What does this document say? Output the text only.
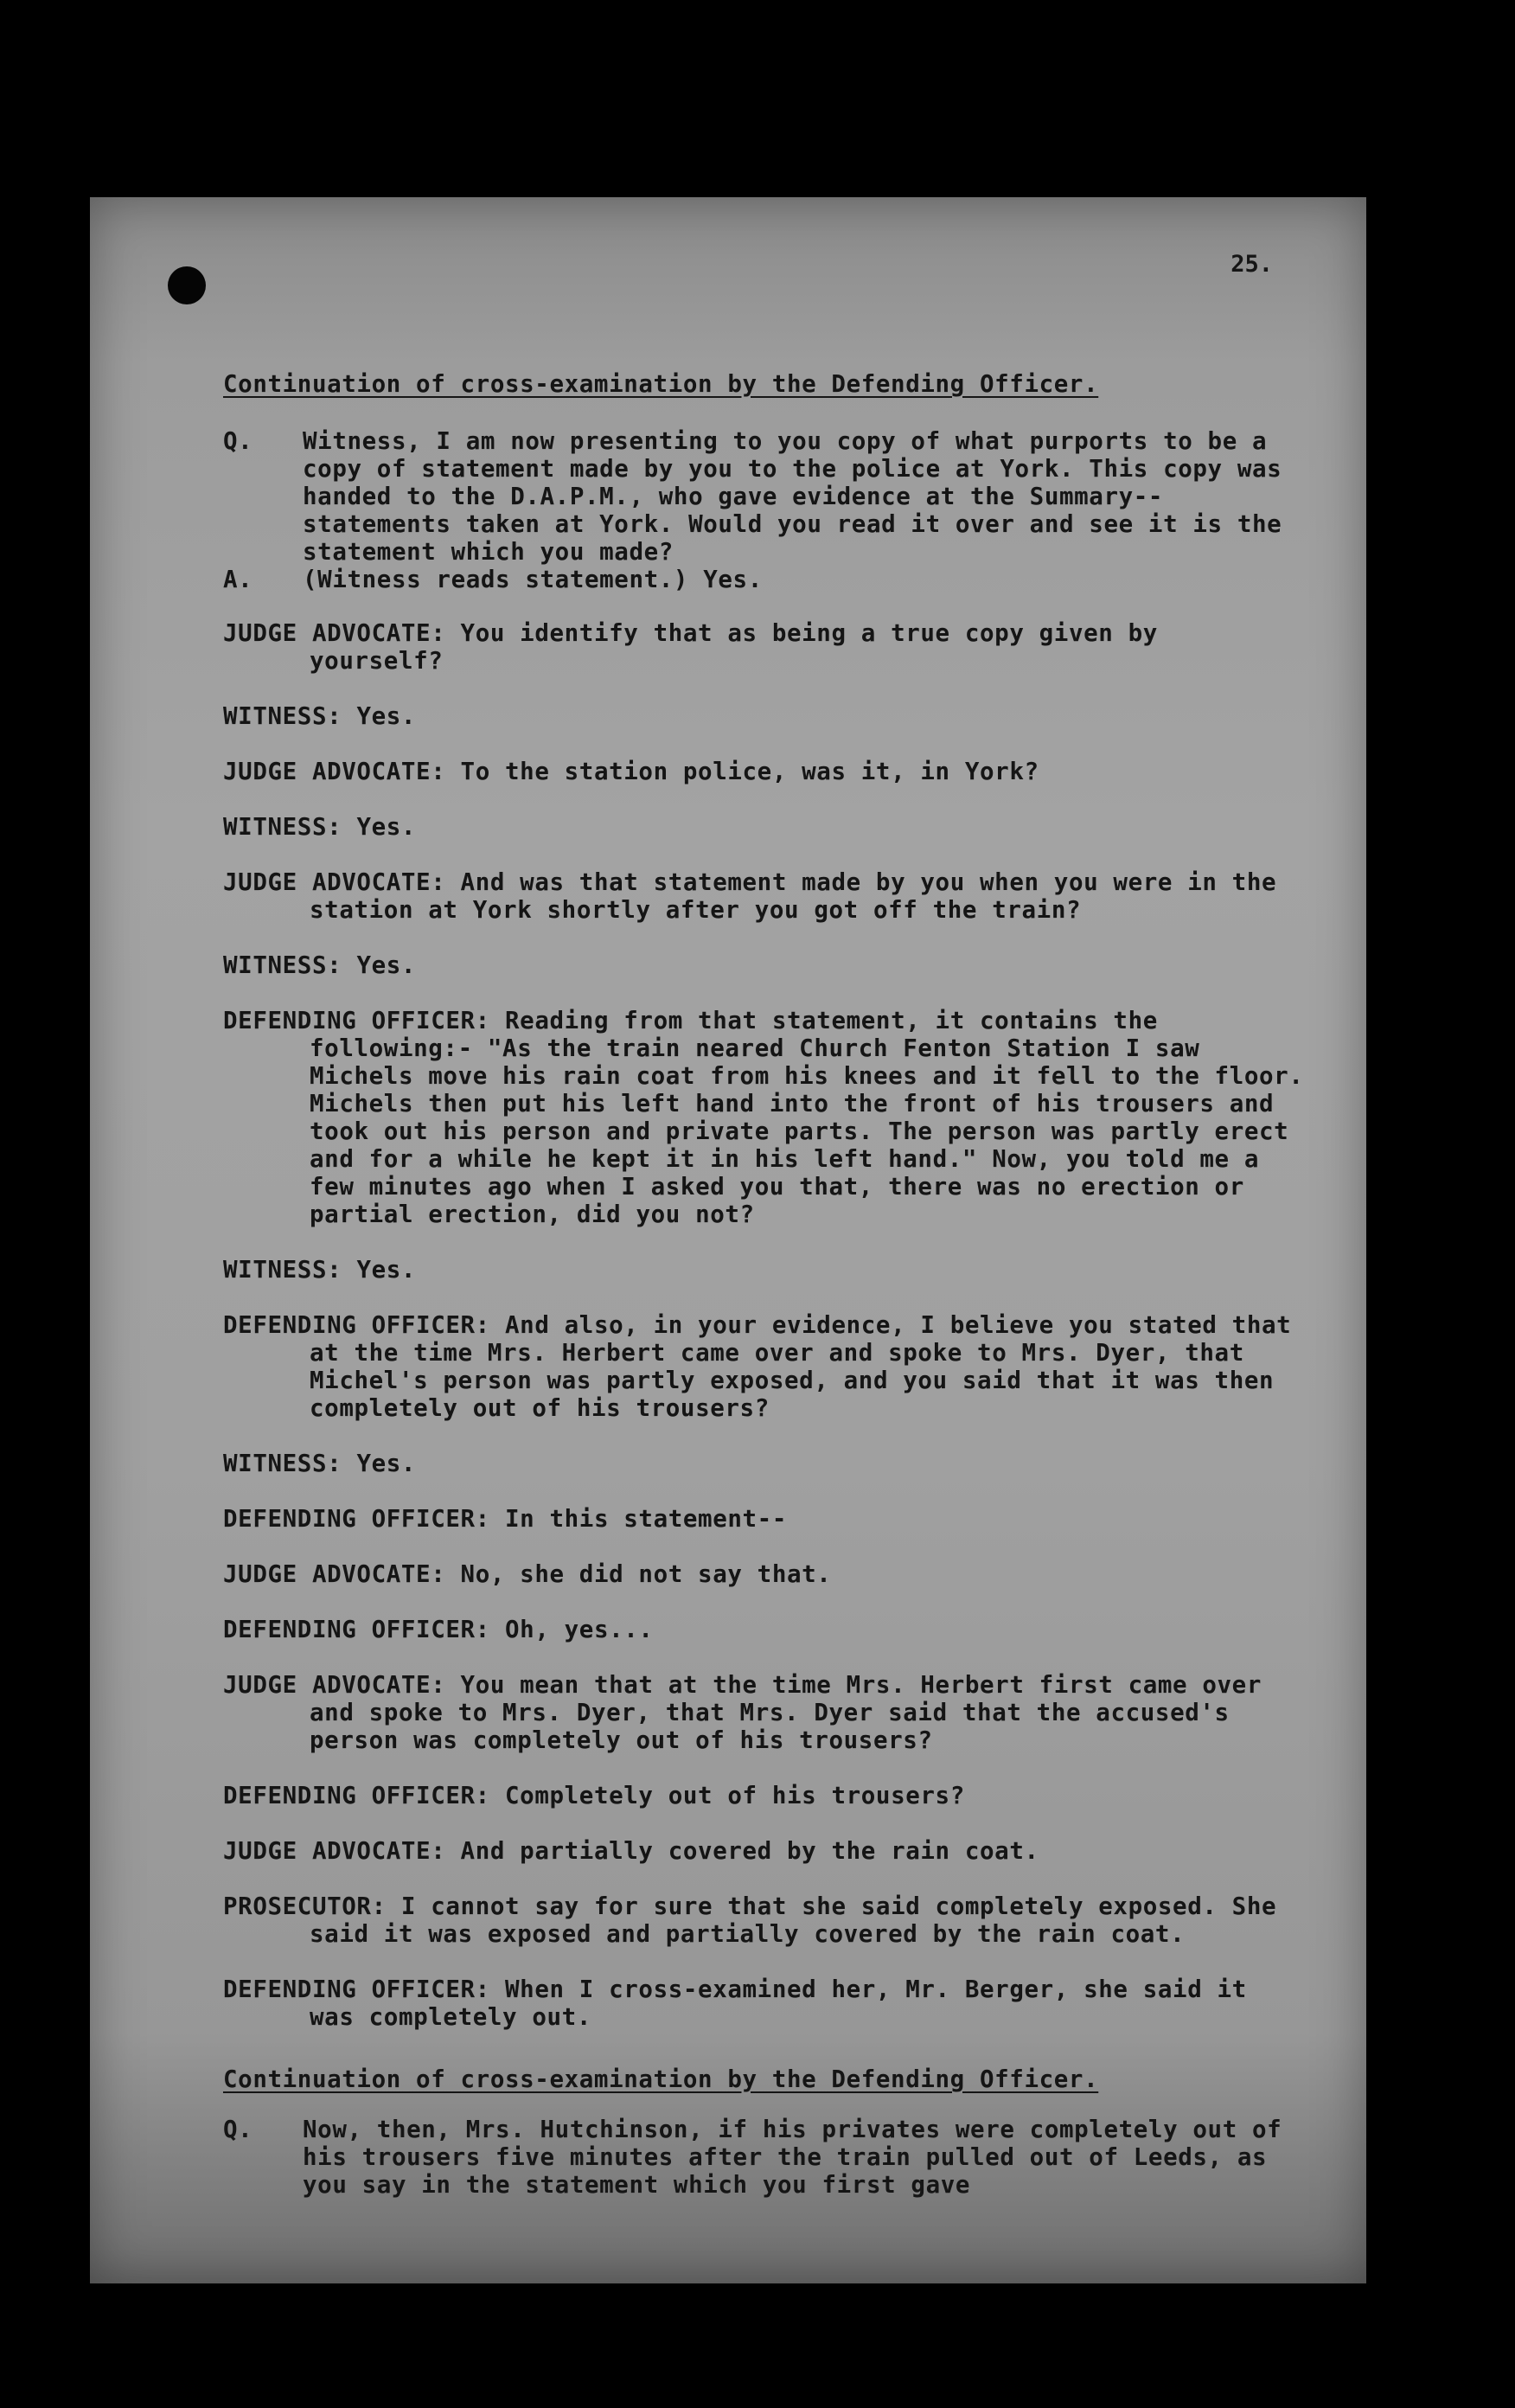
25.

Continuation of cross-examination by the Defending Officer.

Q.	Witness, I am now presenting to you copy of what purports to be a copy of statement made by you to the police at York. This copy was handed to the D.A.P.M., who gave evidence at the Summary--statements taken at York. Would you read it over and see it is the statement which you made?
A.	(Witness reads statement.) Yes.

JUDGE ADVOCATE: You identify that as being a true copy given by yourself?

WITNESS: Yes.

JUDGE ADVOCATE: To the station police, was it, in York?

WITNESS: Yes.

JUDGE ADVOCATE: And was that statement made by you when you were in the station at York shortly after you got off the train?

WITNESS: Yes.

DEFENDING OFFICER: Reading from that statement, it contains the following:- "As the train neared Church Fenton Station I saw Michels move his rain coat from his knees and it fell to the floor. Michels then put his left hand into the front of his trousers and took out his person and private parts. The person was partly erect and for a while he kept it in his left hand." Now, you told me a few minutes ago when I asked you that, there was no erection or partial erection, did you not?

WITNESS: Yes.

DEFENDING OFFICER: And also, in your evidence, I believe you stated that at the time Mrs. Herbert came over and spoke to Mrs. Dyer, that Michel's person was partly exposed, and you said that it was then completely out of his trousers?

WITNESS: Yes.

DEFENDING OFFICER: In this statement--

JUDGE ADVOCATE: No, she did not say that.

DEFENDING OFFICER: Oh, yes...

JUDGE ADVOCATE: You mean that at the time Mrs. Herbert first came over and spoke to Mrs. Dyer, that Mrs. Dyer said that the accused's person was completely out of his trousers?

DEFENDING OFFICER: Completely out of his trousers?

JUDGE ADVOCATE: And partially covered by the rain coat.

PROSECUTOR: I cannot say for sure that she said completely exposed. She said it was exposed and partially covered by the rain coat.

DEFENDING OFFICER: When I cross-examined her, Mr. Berger, she said it was completely out.

Continuation of cross-examination by the Defending Officer.

Q.	Now, then, Mrs. Hutchinson, if his privates were completely out of his trousers five minutes after the train pulled out of Leeds, as you say in the statement which you first gave
